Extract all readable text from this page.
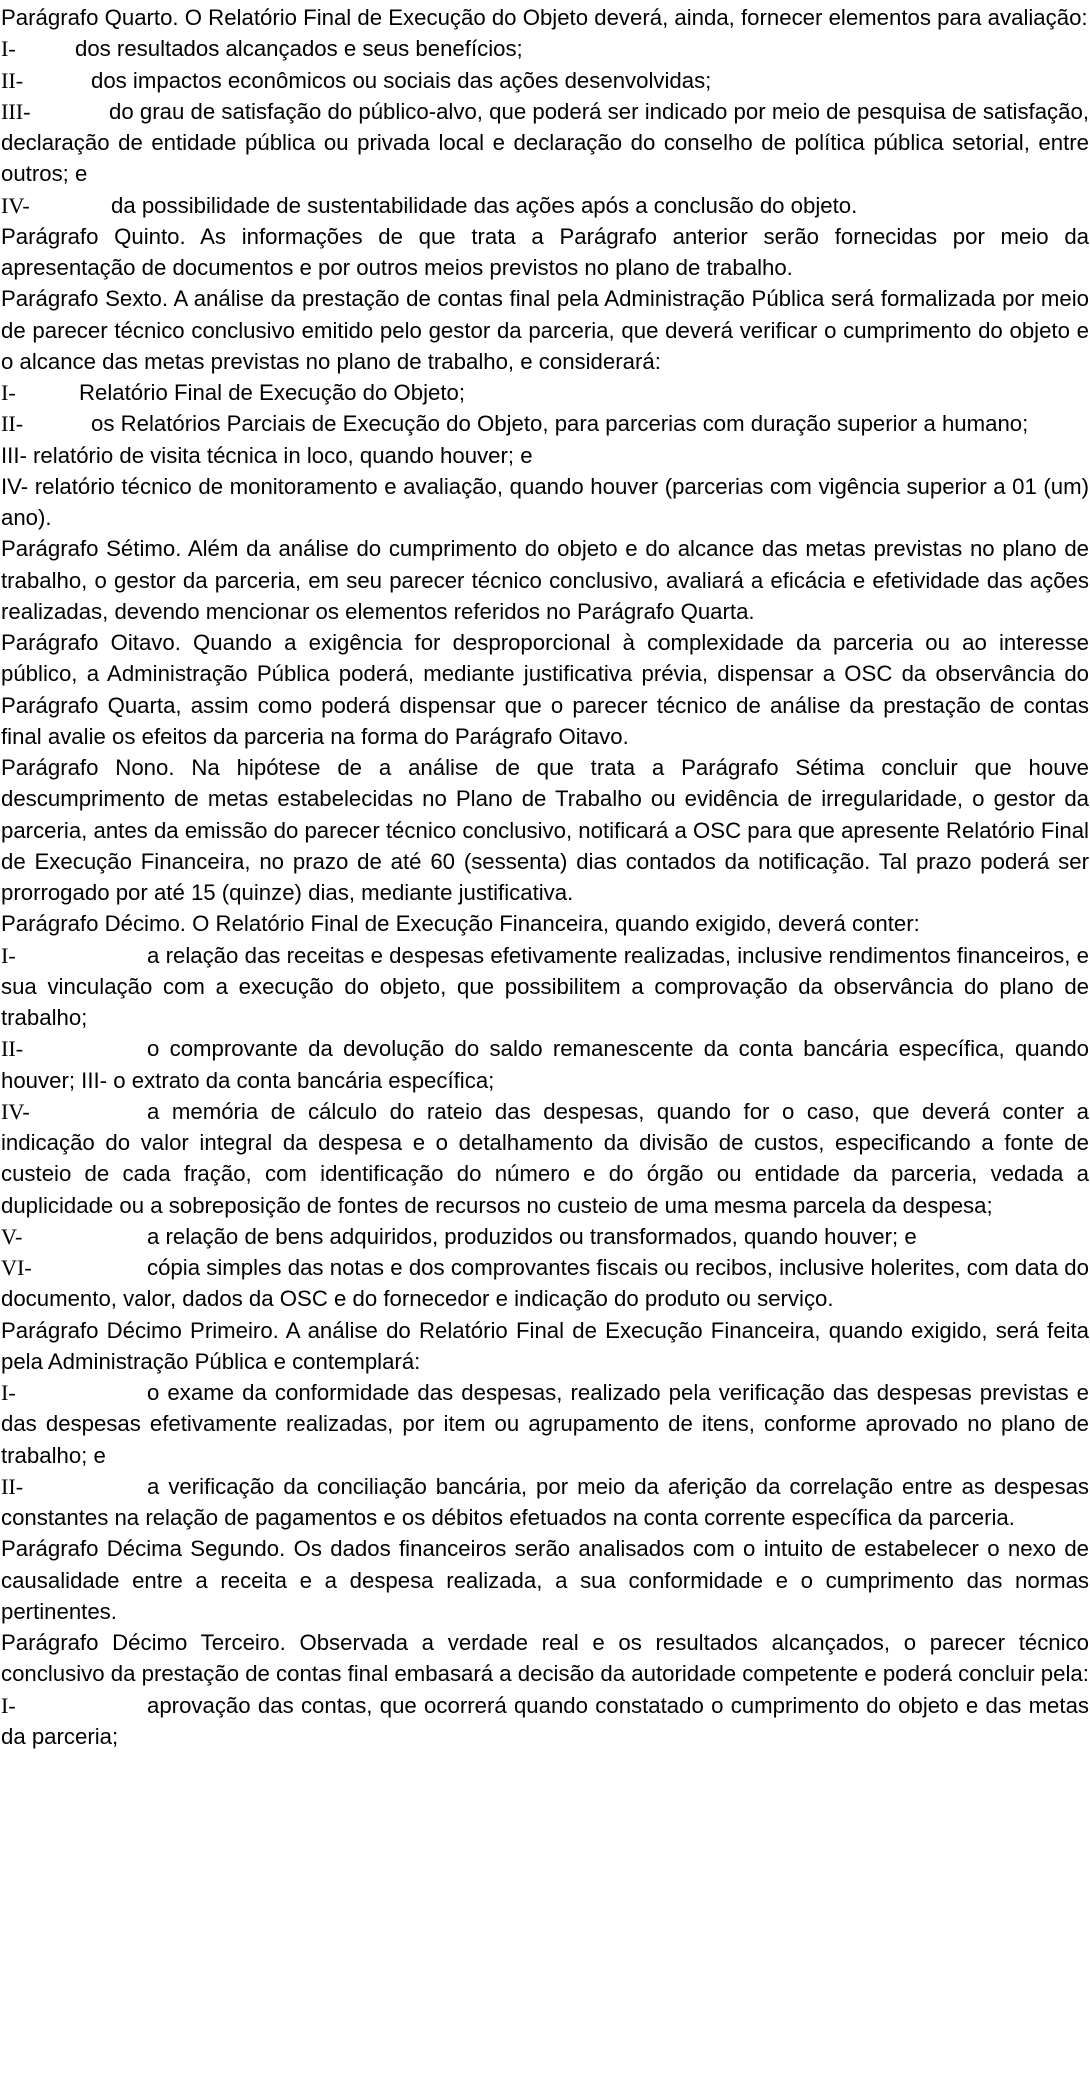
Parágrafo Quarto. O Relatório Final de Execução do Objeto deverá, ainda, fornecer elementos para avaliação:

I-	dos resultados alcançados e seus benefícios;
II-	dos impactos econômicos ou sociais das ações desenvolvidas;

III-	do grau de satisfação do público-alvo, que poderá ser indicado por meio de pesquisa de satisfação, declaração de entidade pública ou privada local e declaração do conselho de política pública setorial, entre outros; e

IV-	da possibilidade de sustentabilidade das ações após a conclusão do objeto.

Parágrafo Quinto. As informações de que trata a Parágrafo anterior serão fornecidas por meio da apresentação de documentos e por outros meios previstos no plano de trabalho.

Parágrafo Sexto. A análise da prestação de contas final pela Administração Pública será formalizada por meio de parecer técnico conclusivo emitido pelo gestor da parceria, que deverá verificar o cumprimento do objeto e o alcance das metas previstas no plano de trabalho, e considerará:

I-	Relatório Final de Execução do Objeto;

II-	os Relatórios Parciais de Execução do Objeto, para parcerias com duração superior a humano;

III- relatório de visita técnica in loco, quando houver; e

IV- relatório técnico de monitoramento e avaliação, quando houver (parcerias com vigência superior a 01 (um) ano).

Parágrafo Sétimo. Além da análise do cumprimento do objeto e do alcance das metas previstas no plano de trabalho, o gestor da parceria, em seu parecer técnico conclusivo, avaliará a eficácia e efetividade das ações realizadas, devendo mencionar os elementos referidos no Parágrafo Quarta.

Parágrafo Oitavo. Quando a exigência for desproporcional à complexidade da parceria ou ao interesse público, a Administração Pública poderá, mediante justificativa prévia, dispensar a OSC da observância do Parágrafo Quarta, assim como poderá dispensar que o parecer técnico de análise da prestação de contas final avalie os efeitos da parceria na forma do Parágrafo Oitavo.

Parágrafo Nono. Na hipótese de a análise de que trata a Parágrafo Sétima concluir que houve descumprimento de metas estabelecidas no Plano de Trabalho ou evidência de irregularidade, o gestor da parceria, antes da emissão do parecer técnico conclusivo, notificará a OSC para que apresente Relatório Final de Execução Financeira, no prazo de até 60 (sessenta) dias contados da notificação. Tal prazo poderá ser prorrogado por até 15 (quinze) dias, mediante justificativa.

Parágrafo Décimo. O Relatório Final de Execução Financeira, quando exigido, deverá conter:

I-	a relação das receitas e despesas efetivamente realizadas, inclusive rendimentos financeiros, e sua vinculação com a execução do objeto, que possibilitem a comprovação da observância do plano de trabalho;

II-	o comprovante da devolução do saldo remanescente da conta bancária específica, quando houver; III- o extrato da conta bancária específica;

IV-	a memória de cálculo do rateio das despesas, quando for o caso, que deverá conter a indicação do valor integral da despesa e o detalhamento da divisão de custos, especificando a fonte de custeio de cada fração, com identificação do número e do órgão ou entidade da parceria, vedada a duplicidade ou a sobreposição de fontes de recursos no custeio de uma mesma parcela da despesa;

V-	a relação de bens adquiridos, produzidos ou transformados, quando houver; e

VI-	cópia simples das notas e dos comprovantes fiscais ou recibos, inclusive holerites, com data do documento, valor, dados da OSC e do fornecedor e indicação do produto ou serviço.

Parágrafo Décimo Primeiro. A análise do Relatório Final de Execução Financeira, quando exigido, será feita pela Administração Pública e contemplará:

I-	o exame da conformidade das despesas, realizado pela verificação das despesas previstas e das despesas efetivamente realizadas, por item ou agrupamento de itens, conforme aprovado no plano de trabalho; e

II-	a verificação da conciliação bancária, por meio da aferição da correlação entre as despesas constantes na relação de pagamentos e os débitos efetuados na conta corrente específica da parceria.

Parágrafo Décima Segundo. Os dados financeiros serão analisados com o intuito de estabelecer o nexo de causalidade entre a receita e a despesa realizada, a sua conformidade e o cumprimento das normas pertinentes.

Parágrafo Décimo Terceiro. Observada a verdade real e os resultados alcançados, o parecer técnico conclusivo da prestação de contas final embasará a decisão da autoridade competente e poderá concluir pela:

I-	aprovação das contas, que ocorrerá quando constatado o cumprimento do objeto e das metas da parceria;
